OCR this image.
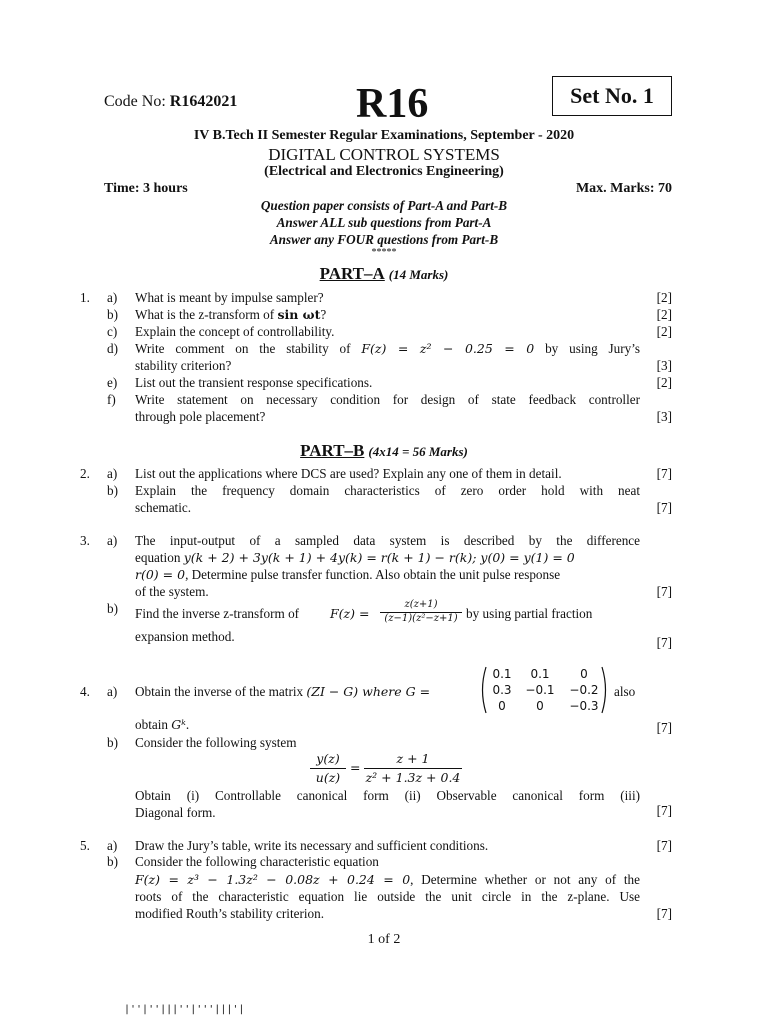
Code No: R1642021	R16	Set No. 1
IV B.Tech II Semester Regular Examinations, September - 2020
DIGITAL CONTROL SYSTEMS
(Electrical and Electronics Engineering)
Time: 3 hours	Max. Marks: 70
Question paper consists of Part-A and Part-B
Answer ALL sub questions from Part-A
Answer any FOUR questions from Part-B
*****
PART–A (14 Marks)
1. a) What is meant by impulse sampler?	[2]
b) What is the z-transform of sin ωt?	[2]
c) Explain the concept of controllability.	[2]
d) Write comment on the stability of F(z) = z² − 0.25 = 0 by using Jury’s
stability criterion?	[3]
e) List out the transient response specifications.	[2]
f) Write statement on necessary condition for design of state feedback controller
through pole placement?	[3]
PART–B (4x14 = 56 Marks)
2. a) List out the applications where DCS are used? Explain any one of them in detail.	[7]
b) Explain the frequency domain characteristics of zero order hold with neat
schematic.	[7]
3. a) The input-output of a sampled data system is described by the difference
equation y(k + 2) + 3y(k + 1) + 4y(k) = r(k + 1) − r(k); y(0) = y(1) = 0
r(0) = 0, Determine pulse transfer function. Also obtain the unit pulse response
of the system.	[7]
b) Find the inverse z-transform of F(z) =
z(z+1)
(z−1)(z²−z+1) by using partial fraction
expansion method.	[7]
4. a) Obtain the inverse of the matrix (ZI − G) where G =
0.1	0.1	0
0.3	−0.1	−0.2
0	0	−0.3
also
obtain Gᵏ.	[7]
b) Consider the following system
y(z)
u(z)
=
z + 1
z² + 1.3z + 0.4
Obtain (i) Controllable canonical form (ii) Observable canonical form (iii)
Diagonal form.	[7]
5. a) Draw the Jury’s table, write its necessary and sufficient conditions.	[7]
b) Consider the following characteristic equation
F(z) = z³ − 1.3z² − 0.08z + 0.24 = 0, Determine whether or not any of the
roots of the characteristic equation lie outside the unit circle in the z-plane. Use
modified Routh’s stability criterion.	[7]
1 of 2
|''|''|||''|'''|||'|
